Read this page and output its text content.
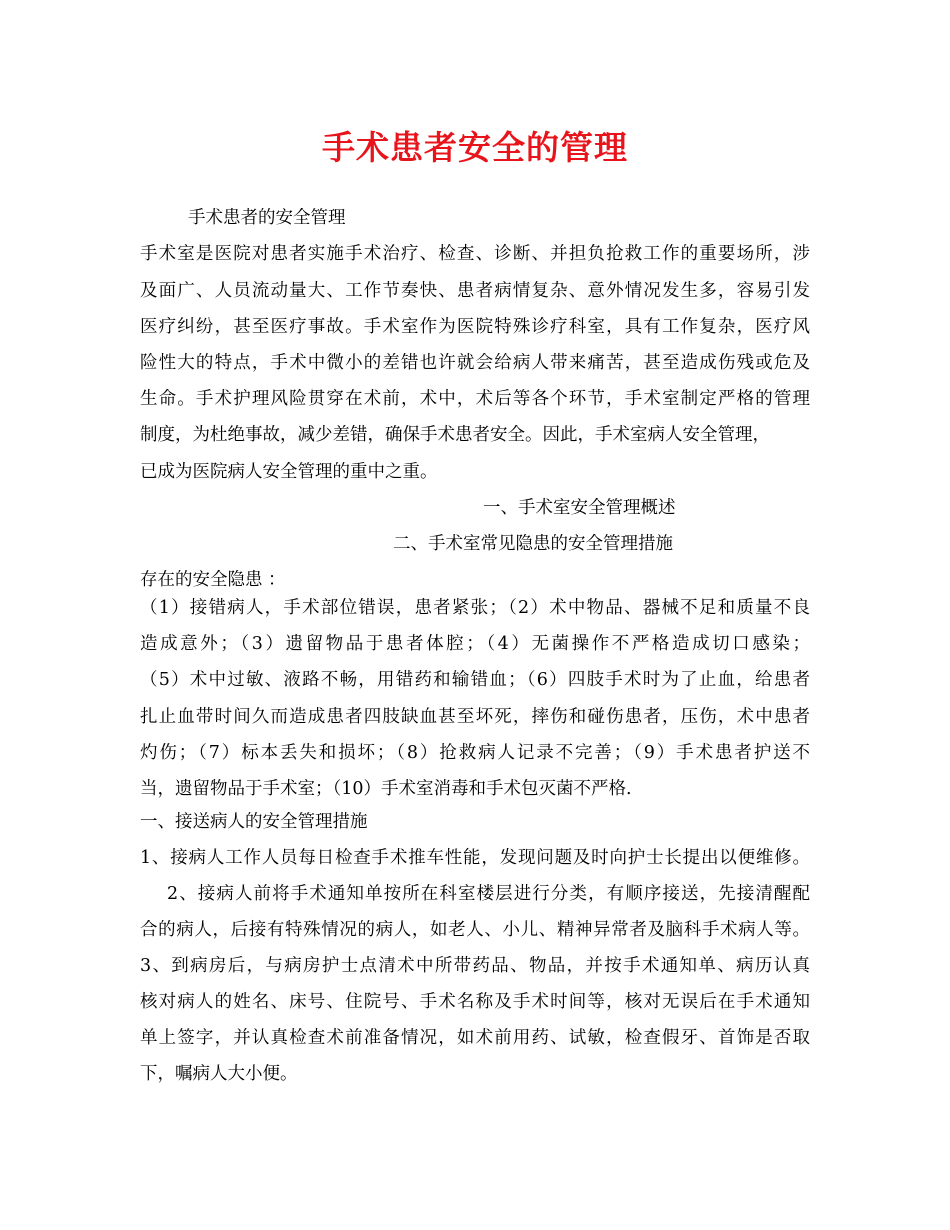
手术患者安全的管理
手术患者的安全管理
手术室是医院对患者实施手术治疗、检查、诊断、并担负抢救工作的重要场所，涉
及面广、人员流动量大、工作节奏快、患者病情复杂、意外情况发生多，容易引发
医疗纠纷，甚至医疗事故。手术室作为医院特殊诊疗科室，具有工作复杂，医疗风
险性大的特点，手术中微小的差错也许就会给病人带来痛苦，甚至造成伤残或危及
生命。手术护理风险贯穿在术前，术中，术后等各个环节，手术室制定严格的管理
制度，为杜绝事故，减少差错，确保手术患者安全。因此，手术室病人安全管理，
已成为医院病人安全管理的重中之重。
一、手术室安全管理概述
二、手术室常见隐患的安全管理措施
存在的安全隐患 ：
（1）接错病人，手术部位错误，患者紧张；（2）术中物品、器械不足和质量不良
造成意外；（3）遗留物品于患者体腔；（4）无菌操作不严格造成切口感染；
（5）术中过敏、液路不畅，用错药和输错血；（6）四肢手术时为了止血，给患者
扎止血带时间久而造成患者四肢缺血甚至坏死，摔伤和碰伤患者，压伤，术中患者
灼伤；（7）标本丢失和损坏；（8）抢救病人记录不完善；（9）手术患者护送不
当，遗留物品于手术室；（10）手术室消毒和手术包灭菌不严格.
一、接送病人的安全管理措施
1、接病人工作人员每日检查手术推车性能，发现问题及时向护士长提出以便维修。
2、接病人前将手术通知单按所在科室楼层进行分类，有顺序接送，先接清醒配
合的病人，后接有特殊情况的病人，如老人、小儿、精神异常者及脑科手术病人等。
3、到病房后，与病房护士点清术中所带药品、物品，并按手术通知单、病历认真
核对病人的姓名、床号、住院号、手术名称及手术时间等，核对无误后在手术通知
单上签字，并认真检查术前准备情况，如术前用药、试敏，检查假牙、首饰是否取
下，嘱病人大小便。
